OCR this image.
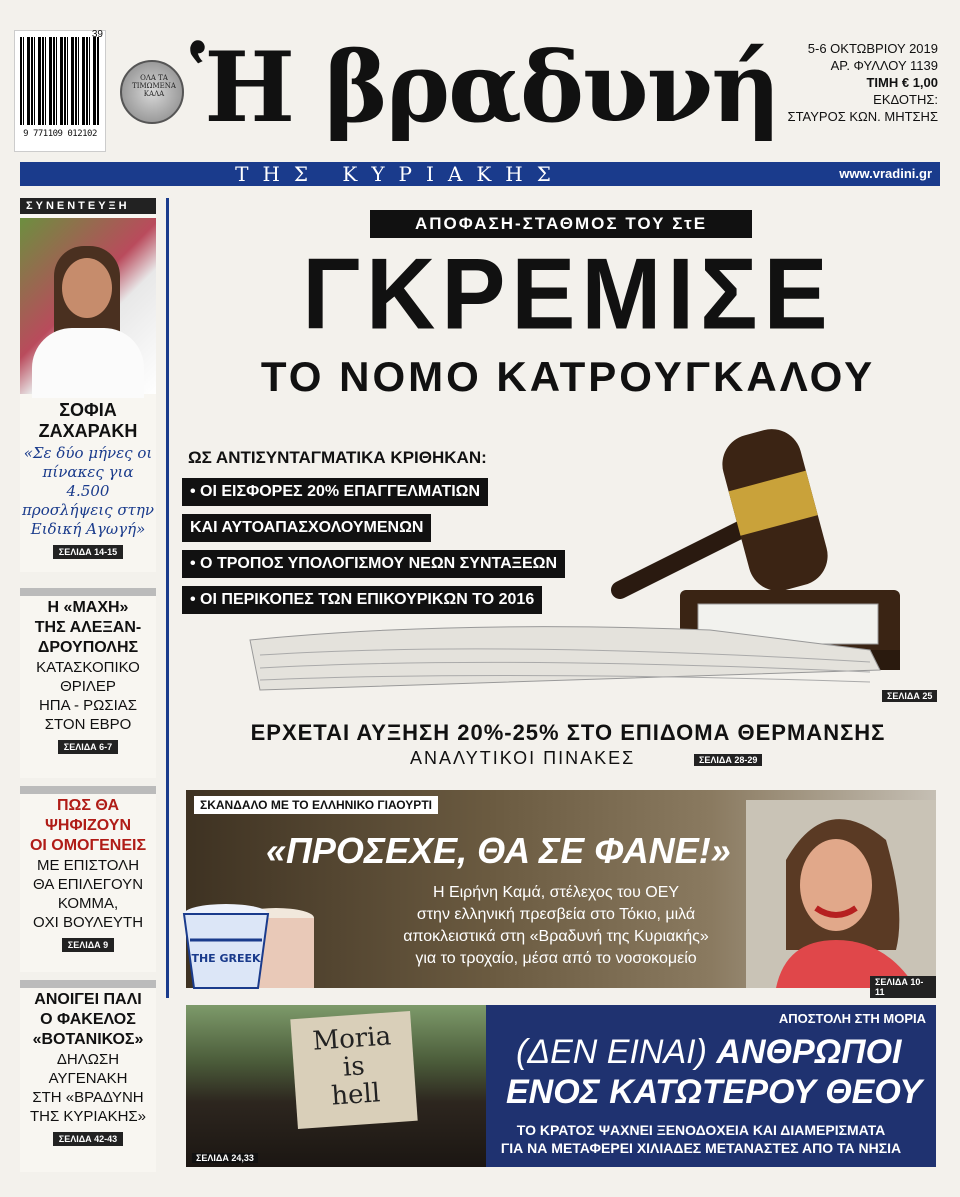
9 771109 012102
39
ΟΛΑ ΤΑ ΤΙΜΩΜΕΝΑ ΚΑΛΑ Ἡ βραδυνή	5-6 ΟΚΤΩΒΡΙΟΥ 2019
ΑΡ. ΦΥΛΛΟΥ 1139
ΤΙΜΗ € 1,00
ΕΚΔΟΤΗΣ:
ΣΤΑΥΡΟΣ ΚΩΝ. ΜΗΤΣΗΣ
ΤΗΣ ΚΥΡΙΑΚΗΣ	www.vradini.gr
ΣΥΝΕΝΤΕΥΞΗ
ΣΟΦΙΑ
ΖΑΧΑΡΑΚΗ
«Σε δύο μήνες οι πίνακες για 4.500 προσλήψεις στην Ειδική Αγωγή»
ΣΕΛΙΔΑ 14-15
Η «ΜΑΧΗ»
ΤΗΣ ΑΛΕΞΑΝ-
ΔΡΟΥΠΟΛΗΣ
ΚΑΤΑΣΚΟΠΙΚΟ
ΘΡΙΛΕΡ
ΗΠΑ - ΡΩΣΙΑΣ
ΣΤΟΝ ΕΒΡΟ
ΣΕΛΙΔΑ 6-7
ΠΩΣ ΘΑ
ΨΗΦΙΖΟΥΝ
ΟΙ ΟΜΟΓΕΝΕΙΣ
ΜΕ ΕΠΙΣΤΟΛΗ
ΘΑ ΕΠΙΛΕΓΟΥΝ
ΚΟΜΜΑ,
ΟΧΙ ΒΟΥΛΕΥΤΗ
ΣΕΛΙΔΑ 9
ΑΝΟΙΓΕΙ ΠΑΛΙ
Ο ΦΑΚΕΛΟΣ
«ΒΟΤΑΝΙΚΟΣ»
ΔΗΛΩΣΗ
ΑΥΓΕΝΑΚΗ
ΣΤΗ «ΒΡΑΔΥΝΗ
ΤΗΣ ΚΥΡΙΑΚΗΣ»
ΣΕΛΙΔΑ 42-43
ΑΠΟΦΑΣΗ-ΣΤΑΘΜΟΣ ΤΟΥ ΣτΕ
ΓΚΡΕΜΙΣΕ
ΤΟ ΝΟΜΟ ΚΑΤΡΟΥΓΚΑΛΟΥ
ΩΣ ΑΝΤΙΣΥΝΤΑΓΜΑΤΙΚΑ ΚΡΙΘΗΚΑΝ:
• ΟΙ ΕΙΣΦΟΡΕΣ 20% ΕΠΑΓΓΕΛΜΑΤΙΩΝ
ΚΑΙ ΑΥΤΟΑΠΑΣΧΟΛΟΥΜΕΝΩΝ
• Ο ΤΡΟΠΟΣ ΥΠΟΛΟΓΙΣΜΟΥ ΝΕΩΝ ΣΥΝΤΑΞΕΩΝ
• ΟΙ ΠΕΡΙΚΟΠΕΣ ΤΩΝ ΕΠΙΚΟΥΡΙΚΩΝ ΤΟ 2016
ΣΕΛΙΔΑ 25
ΕΡΧΕΤΑΙ ΑΥΞΗΣΗ 20%-25% ΣΤΟ ΕΠΙΔΟΜΑ ΘΕΡΜΑΝΣΗΣ
ΑΝΑΛΥΤΙΚΟΙ ΠΙΝΑΚΕΣ	ΣΕΛΙΔΑ 28-29
ΣΚΑΝΔΑΛΟ ΜΕ ΤΟ ΕΛΛΗΝΙΚΟ ΓΙΑΟΥΡΤΙ
«ΠΡΟΣΕΧΕ, ΘΑ ΣΕ ΦΑΝΕ!»
Η Ειρήνη Καμά, στέλεχος του ΟΕΥ
στην ελληνική πρεσβεία στο Τόκιο, μιλά
αποκλειστικά στη «Βραδυνή της Κυριακής»
για το τροχαίο, μέσα από το νοσοκομείο
THE GREEK
ΣΕΛΙΔΑ 10-11
Moria
is
hell
ΣΕΛΙΔΑ 24,33
ΑΠΟΣΤΟΛΗ ΣΤΗ ΜΟΡΙΑ
(ΔΕΝ ΕΙΝΑΙ) ΑΝΘΡΩΠΟΙ
ΕΝΟΣ ΚΑΤΩΤΕΡΟΥ ΘΕΟΥ
ΤΟ ΚΡΑΤΟΣ ΨΑΧΝΕΙ ΞΕΝΟΔΟΧΕΙΑ ΚΑΙ ΔΙΑΜΕΡΙΣΜΑΤΑ
ΓΙΑ ΝΑ ΜΕΤΑΦΕΡΕΙ ΧΙΛΙΑΔΕΣ ΜΕΤΑΝΑΣΤΕΣ ΑΠΟ ΤΑ ΝΗΣΙΑ
